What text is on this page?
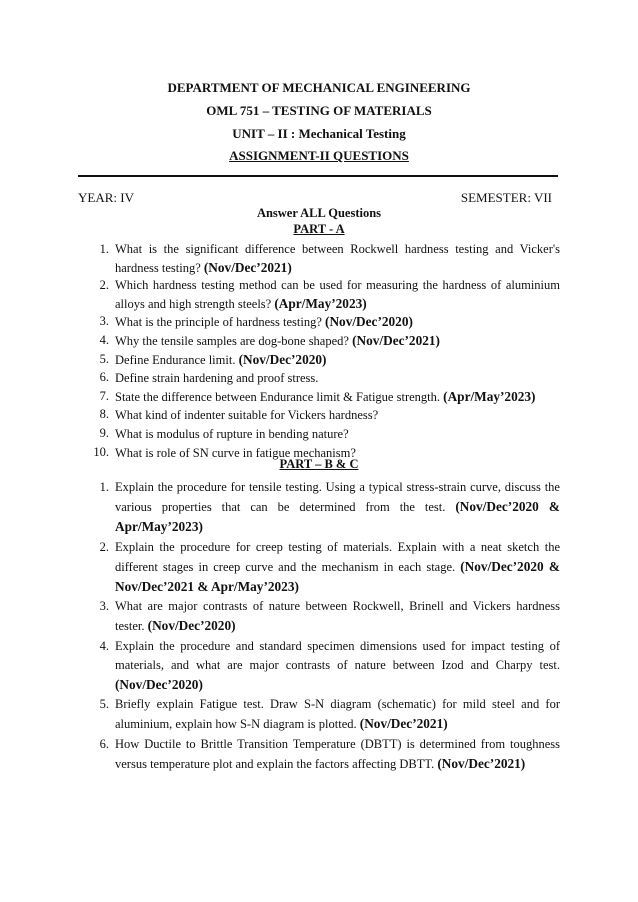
DEPARTMENT OF MECHANICAL ENGINEERING
OML 751 – TESTING OF MATERIALS
UNIT – II : Mechanical Testing
ASSIGNMENT-II QUESTIONS
YEAR: IV	SEMESTER: VII
Answer ALL Questions
PART - A
1. What is the significant difference between Rockwell hardness testing and Vicker's hardness testing? (Nov/Dec’2021)
2. Which hardness testing method can be used for measuring the hardness of aluminium alloys and high strength steels? (Apr/May’2023)
3. What is the principle of hardness testing? (Nov/Dec’2020)
4. Why the tensile samples are dog-bone shaped? (Nov/Dec’2021)
5. Define Endurance limit. (Nov/Dec’2020)
6. Define strain hardening and proof stress.
7. State the difference between Endurance limit & Fatigue strength. (Apr/May’2023)
8. What kind of indenter suitable for Vickers hardness?
9. What is modulus of rupture in bending nature?
10. What is role of SN curve in fatigue mechanism?
PART – B & C
1. Explain the procedure for tensile testing. Using a typical stress-strain curve, discuss the various properties that can be determined from the test. (Nov/Dec’2020 & Apr/May’2023)
2. Explain the procedure for creep testing of materials. Explain with a neat sketch the different stages in creep curve and the mechanism in each stage. (Nov/Dec’2020 & Nov/Dec’2021 & Apr/May’2023)
3. What are major contrasts of nature between Rockwell, Brinell and Vickers hardness tester. (Nov/Dec’2020)
4. Explain the procedure and standard specimen dimensions used for impact testing of materials, and what are major contrasts of nature between Izod and Charpy test. (Nov/Dec’2020)
5. Briefly explain Fatigue test. Draw S-N diagram (schematic) for mild steel and for aluminium, explain how S-N diagram is plotted. (Nov/Dec’2021)
6. How Ductile to Brittle Transition Temperature (DBTT) is determined from toughness versus temperature plot and explain the factors affecting DBTT. (Nov/Dec’2021)
